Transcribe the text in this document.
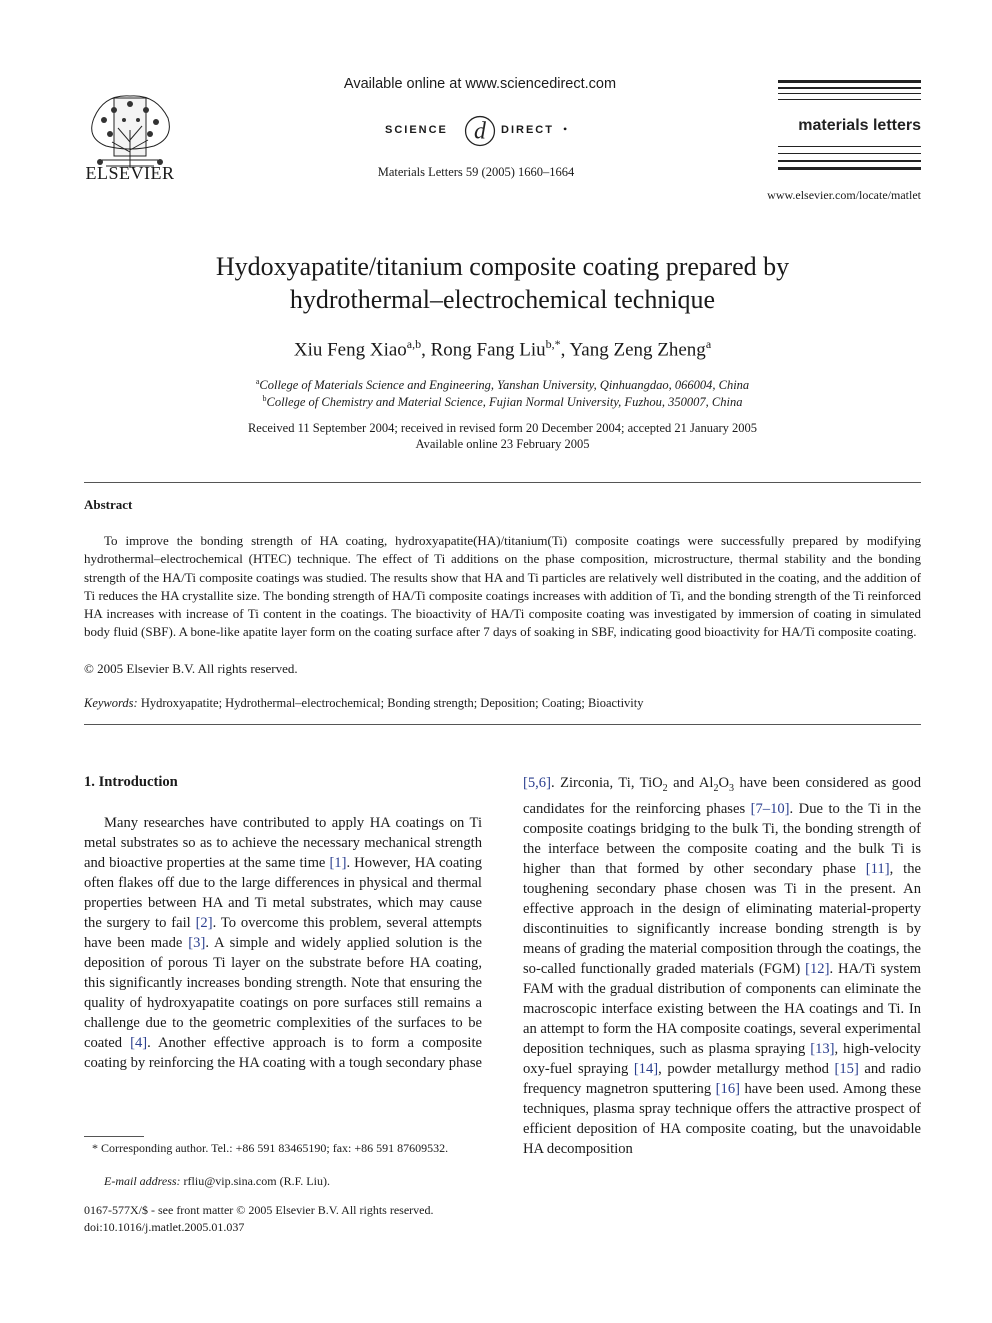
ELSEVIER
Available online at www.sciencedirect.com
SCIENCE d DIRECT •
Materials Letters 59 (2005) 1660–1664
materials letters
www.elsevier.com/locate/matlet
Hydoxyapatite/titanium composite coating prepared by
hydrothermal–electrochemical technique
Xiu Feng Xiao$^{a,b}$, Rong Fang Liu$^{b,*}$, Yang Zeng Zheng$^a$
$^a$College of Materials Science and Engineering, Yanshan University, Qinhuangdao, 066004, China
$^b$College of Chemistry and Material Science, Fujian Normal University, Fuzhou, 350007, China
Received 11 September 2004; received in revised form 20 December 2004; accepted 21 January 2005
Available online 23 February 2005
Abstract
To improve the bonding strength of HA coating, hydroxyapatite(HA)/titanium(Ti) composite coatings were successfully prepared by modifying hydrothermal–electrochemical (HTEC) technique. The effect of Ti additions on the phase composition, microstructure, thermal stability and the bonding strength of the HA/Ti composite coatings was studied. The results show that HA and Ti particles are relatively well distributed in the coating, and the addition of Ti reduces the HA crystallite size. The bonding strength of HA/Ti composite coatings increases with addition of Ti, and the bonding strength of the Ti reinforced HA increases with increase of Ti content in the coatings. The bioactivity of HA/Ti composite coating was investigated by immersion of coating in simulated body fluid (SBF). A bone-like apatite layer form on the coating surface after 7 days of soaking in SBF, indicating good bioactivity for HA/Ti composite coating.
© 2005 Elsevier B.V. All rights reserved.
Keywords: Hydroxyapatite; Hydrothermal–electrochemical; Bonding strength; Deposition; Coating; Bioactivity
1. Introduction
Many researches have contributed to apply HA coatings on Ti metal substrates so as to achieve the necessary mechanical strength and bioactive properties at the same time [1]. However, HA coating often flakes off due to the large differences in physical and thermal properties between HA and Ti metal substrates, which may cause the surgery to fail [2]. To overcome this problem, several attempts have been made [3]. A simple and widely applied solution is the deposition of porous Ti layer on the substrate before HA coating, this significantly increases bonding strength. Note that ensuring the quality of hydroxyapatite coatings on pore surfaces still remains a challenge due to the geometric complexities of the surfaces to be coated [4]. Another effective approach is to form a composite coating by reinforcing the HA coating with a tough secondary phase
[5,6]. Zirconia, Ti, TiO$_2$ and $Al_2O_3$ have been considered as good candidates for the reinforcing phases [7–10]. Due to the Ti in the composite coatings bridging to the bulk Ti, the bonding strength of the interface between the composite coating and the bulk Ti is higher than that formed by other secondary phase [11], the toughening secondary phase chosen was Ti in the present. An effective approach in the design of eliminating material-property discontinuities to significantly increase bonding strength is by means of grading the material composition through the coatings, the so-called functionally graded materials (FGM) [12]. HA/Ti system FAM with the gradual distribution of components can eliminate the macroscopic interface existing between the HA coatings and Ti. In an attempt to form the HA composite coatings, several experimental deposition techniques, such as plasma spraying [13], high-velocity oxy-fuel spraying [14], powder metallurgy method [15] and radio frequency magnetron sputtering [16] have been used. Among these techniques, plasma spray technique offers the attractive prospect of efficient deposition of HA composite coating, but the unavoidable HA decomposition
* Corresponding author. Tel.: +86 591 83465190; fax: +86 591 87609532.
E-mail address: rfliu@vip.sina.com (R.F. Liu).
0167-577X/$ - see front matter © 2005 Elsevier B.V. All rights reserved.
doi:10.1016/j.matlet.2005.01.037
